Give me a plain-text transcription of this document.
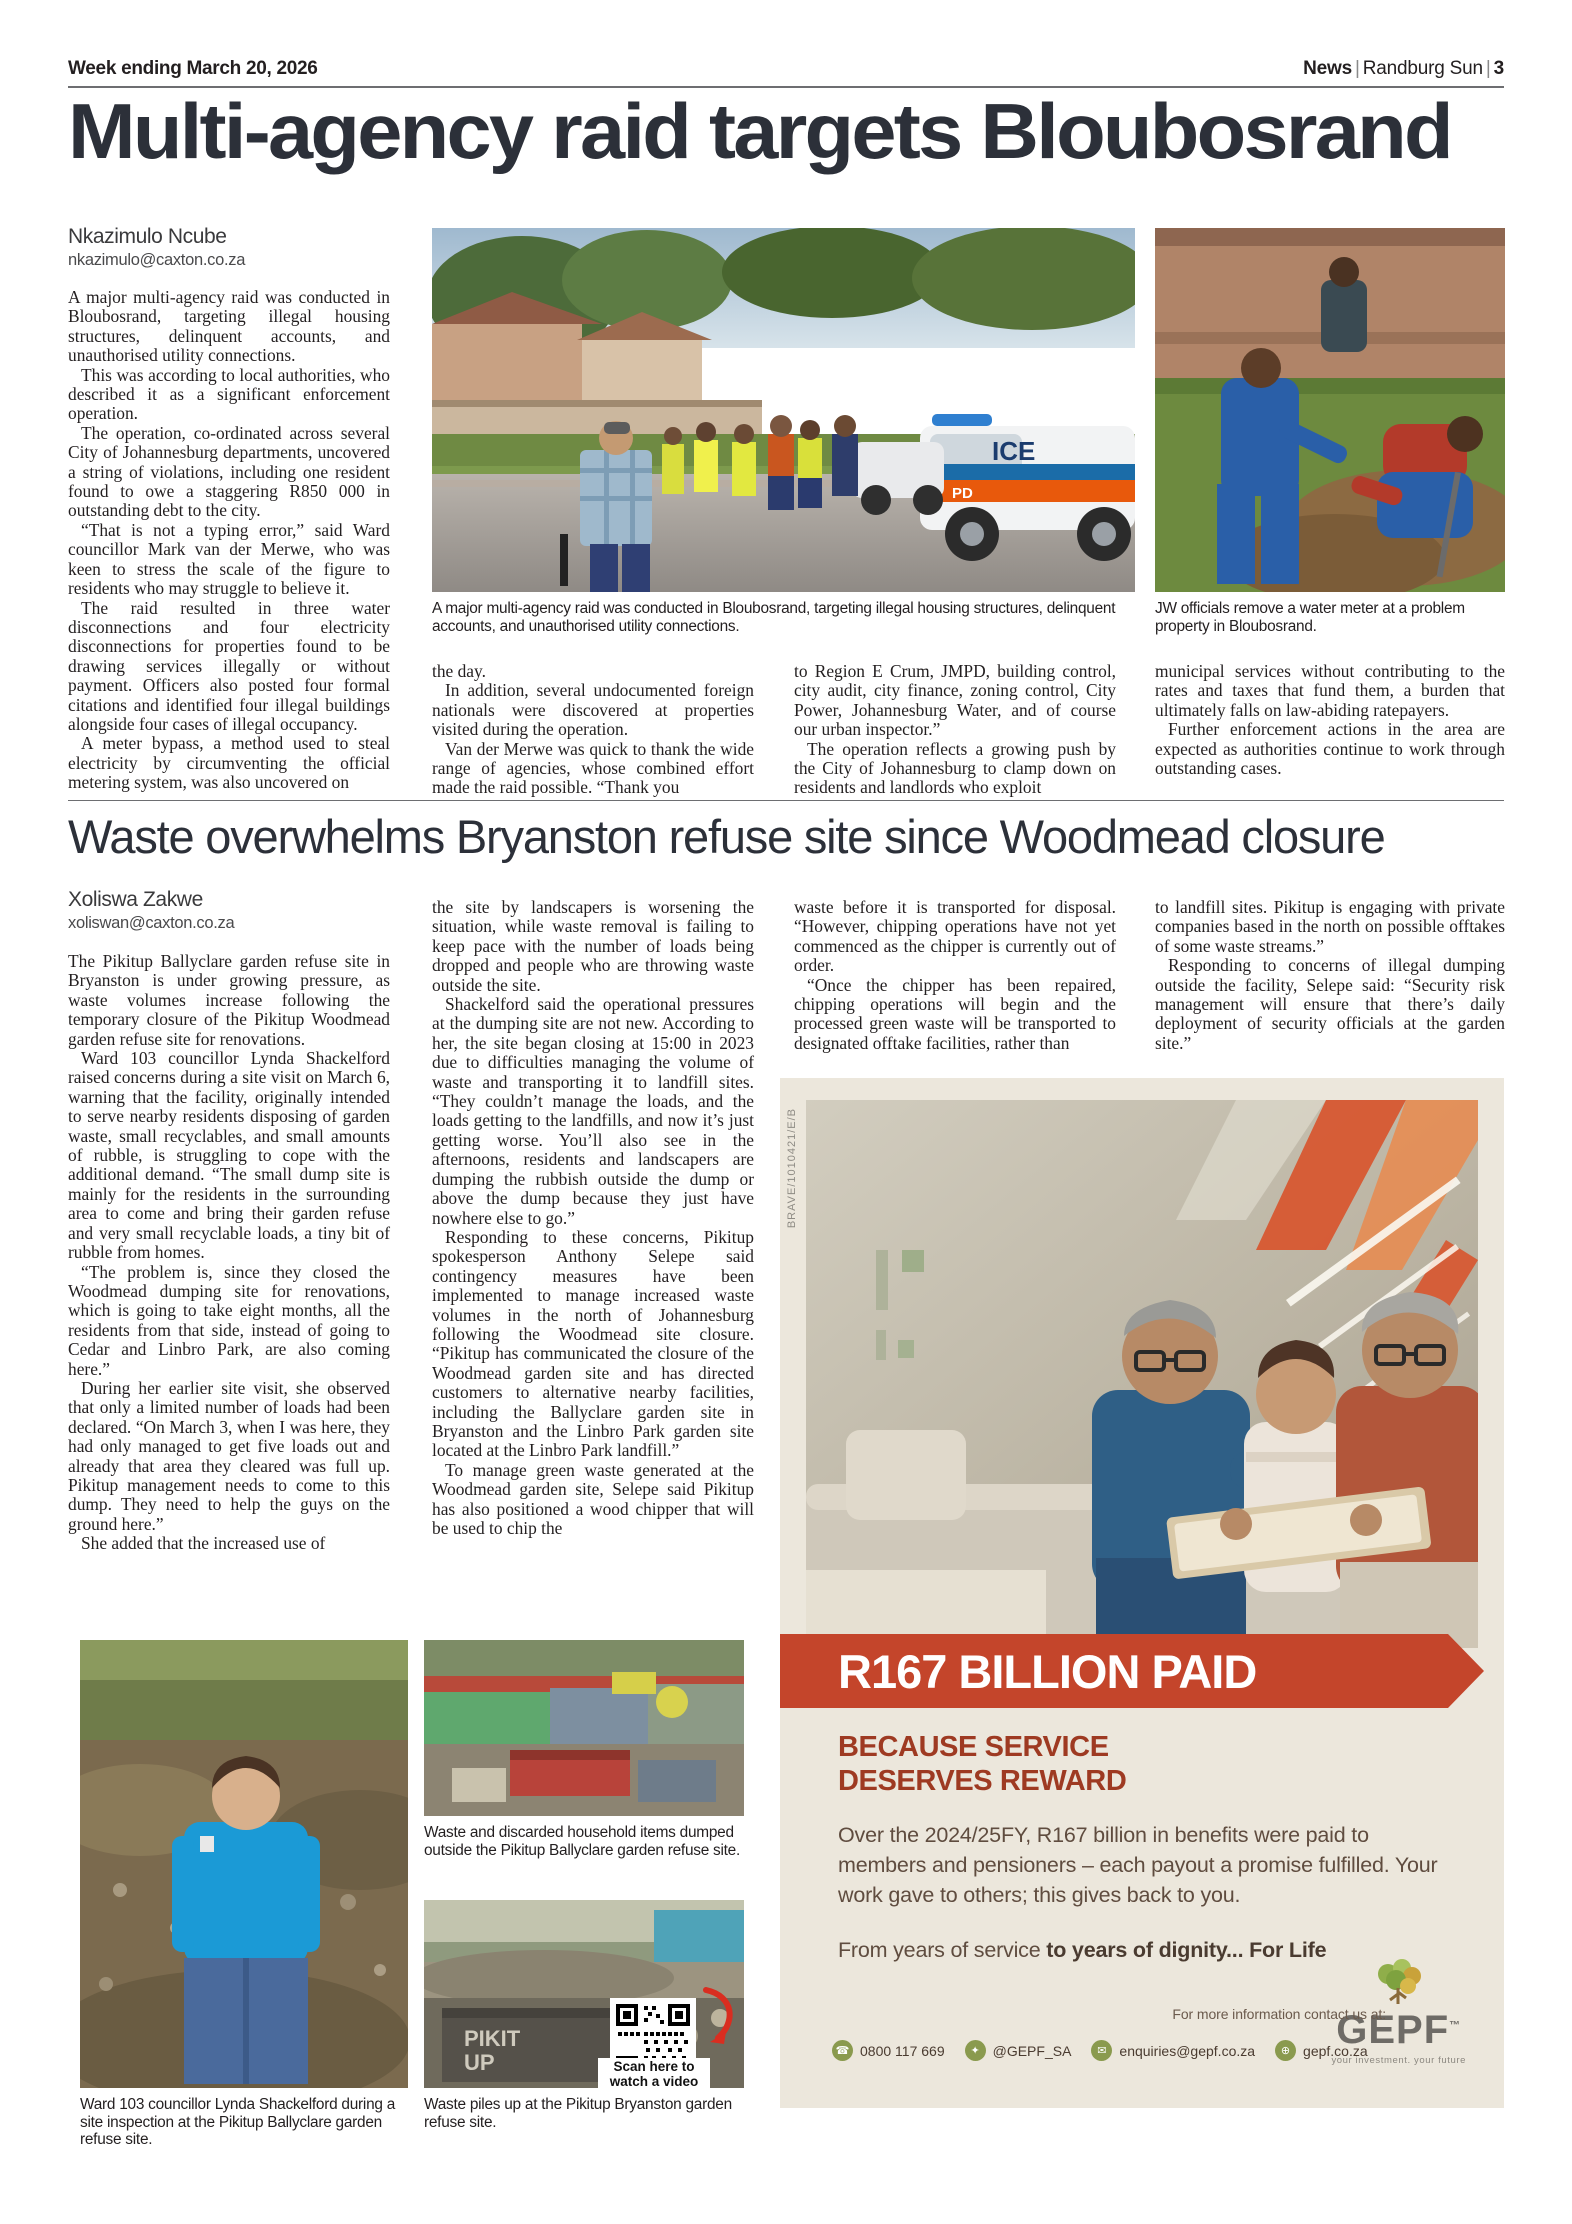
Week ending March 20, 2026	News | Randburg Sun | 3
Multi-agency raid targets Bloubosrand
Nkazimulo Ncube
nkazimulo@caxton.co.za

A major multi-agency raid was conducted in Bloubosrand, targeting illegal housing structures, delinquent accounts, and unauthorised utility connections.

This was according to local authorities, who described it as a significant enforcement operation.

The operation, co-ordinated across several City of Johannesburg departments, uncovered a string of violations, including one resident found to owe a staggering R850 000 in outstanding debt to the city.

“That is not a typing error,” said Ward councillor Mark van der Merwe, who was keen to stress the scale of the figure to residents who may struggle to believe it.

The raid resulted in three water disconnections and four electricity disconnections for properties found to be drawing services illegally or without payment. Officers also posted four formal citations and identified four illegal buildings alongside four cases of illegal occupancy.

A meter bypass, a method used to steal electricity by circumventing the official metering system, was also uncovered on

ICE
PD
A major multi-agency raid was conducted in Bloubosrand, targeting illegal housing structures, delinquent accounts, and unauthorised utility connections.
JW officials remove a water meter at a problem property in Bloubosrand.

the day.

In addition, several undocumented foreign nationals were discovered at properties visited during the operation.

Van der Merwe was quick to thank the wide range of agencies, whose combined effort made the raid possible. “Thank you

to Region E Crum, JMPD, building control, city audit, city finance, zoning control, City Power, Johannesburg Water, and of course our urban inspector.”

The operation reflects a growing push by the City of Johannesburg to clamp down on residents and landlords who exploit

municipal services without contributing to the rates and taxes that fund them, a burden that ultimately falls on law-abiding ratepayers.

Further enforcement actions in the area are expected as authorities continue to work through outstanding cases.

Waste overwhelms Bryanston refuse site since Woodmead closure
Xoliswa Zakwe
xoliswan@caxton.co.za

The Pikitup Ballyclare garden refuse site in Bryanston is under growing pressure, as waste volumes increase following the temporary closure of the Pikitup Woodmead garden refuse site for renovations.

Ward 103 councillor Lynda Shackelford raised concerns during a site visit on March 6, warning that the facility, originally intended to serve nearby residents disposing of garden waste, small recyclables, and small amounts of rubble, is struggling to cope with the additional demand. “The small dump site is mainly for the residents in the surrounding area to come and bring their garden refuse and very small recyclable loads, a tiny bit of rubble from homes.

“The problem is, since they closed the Woodmead dumping site for renovations, which is going to take eight months, all the residents from that side, instead of going to Cedar and Linbro Park, are also coming here.”

During her earlier site visit, she observed that only a limited number of loads had been declared. “On March 3, when I was here, they had only managed to get five loads out and already that area they cleared was full up. Pikitup management needs to come to this dump. They need to help the guys on the ground here.”

She added that the increased use of

the site by landscapers is worsening the situation, while waste removal is failing to keep pace with the number of loads being dropped and people who are throwing waste outside the site.

Shackelford said the operational pressures at the dumping site are not new. According to her, the site began closing at 15:00 in 2023 due to difficulties managing the volume of waste and transporting it to landfill sites. “They couldn’t manage the loads, and the loads getting to the landfills, and now it’s just getting worse. You’ll also see in the afternoons, residents and landscapers are dumping the rubbish outside the dump or above the dump because they just have nowhere else to go.”

Responding to these concerns, Pikitup spokesperson Anthony Selepe said contingency measures have been implemented to manage increased waste volumes in the north of Johannesburg following the Woodmead site closure. “Pikitup has communicated the closure of the Woodmead garden site and has directed customers to alternative nearby facilities, including the Ballyclare garden site in Bryanston and the Linbro Park garden site located at the Linbro Park landfill.”

To manage green waste generated at the Woodmead garden site, Selepe said Pikitup has also positioned a wood chipper that will be used to chip the

waste before it is transported for disposal. “However, chipping operations have not yet commenced as the chipper is currently out of order.

“Once the chipper has been repaired, chipping operations will begin and the processed green waste will be transported to designated offtake facilities, rather than

to landfill sites. Pikitup is engaging with private companies based in the north on possible offtakes of some waste streams.”

Responding to concerns of illegal dumping outside the facility, Selepe said: “Security risk management will ensure that there’s daily deployment of security officials at the garden site.”

Ward 103 councillor Lynda Shackelford during a site inspection at the Pikitup Ballyclare garden refuse site.
Waste and discarded household items dumped outside the Pikitup Ballyclare garden refuse site.
PIKIT
UP
Waste piles up at the Pikitup Bryanston garden refuse site.
Scan here to watch a video
BRAVE/1010421/E/B
R167 BILLION PAID
BECAUSE SERVICE
DESERVES REWARD
Over the 2024/25FY, R167 billion in benefits were paid to members and pensioners – each payout a promise fulfilled. Your work gave to others; this gives back to you.
From years of service to years of dignity... For Life
GEPF™
your investment. your future
For more information contact us at:
☎ 0800 117 669	✦ @GEPF_SA	✉ enquiries@gepf.co.za	⊕ gepf.co.za
